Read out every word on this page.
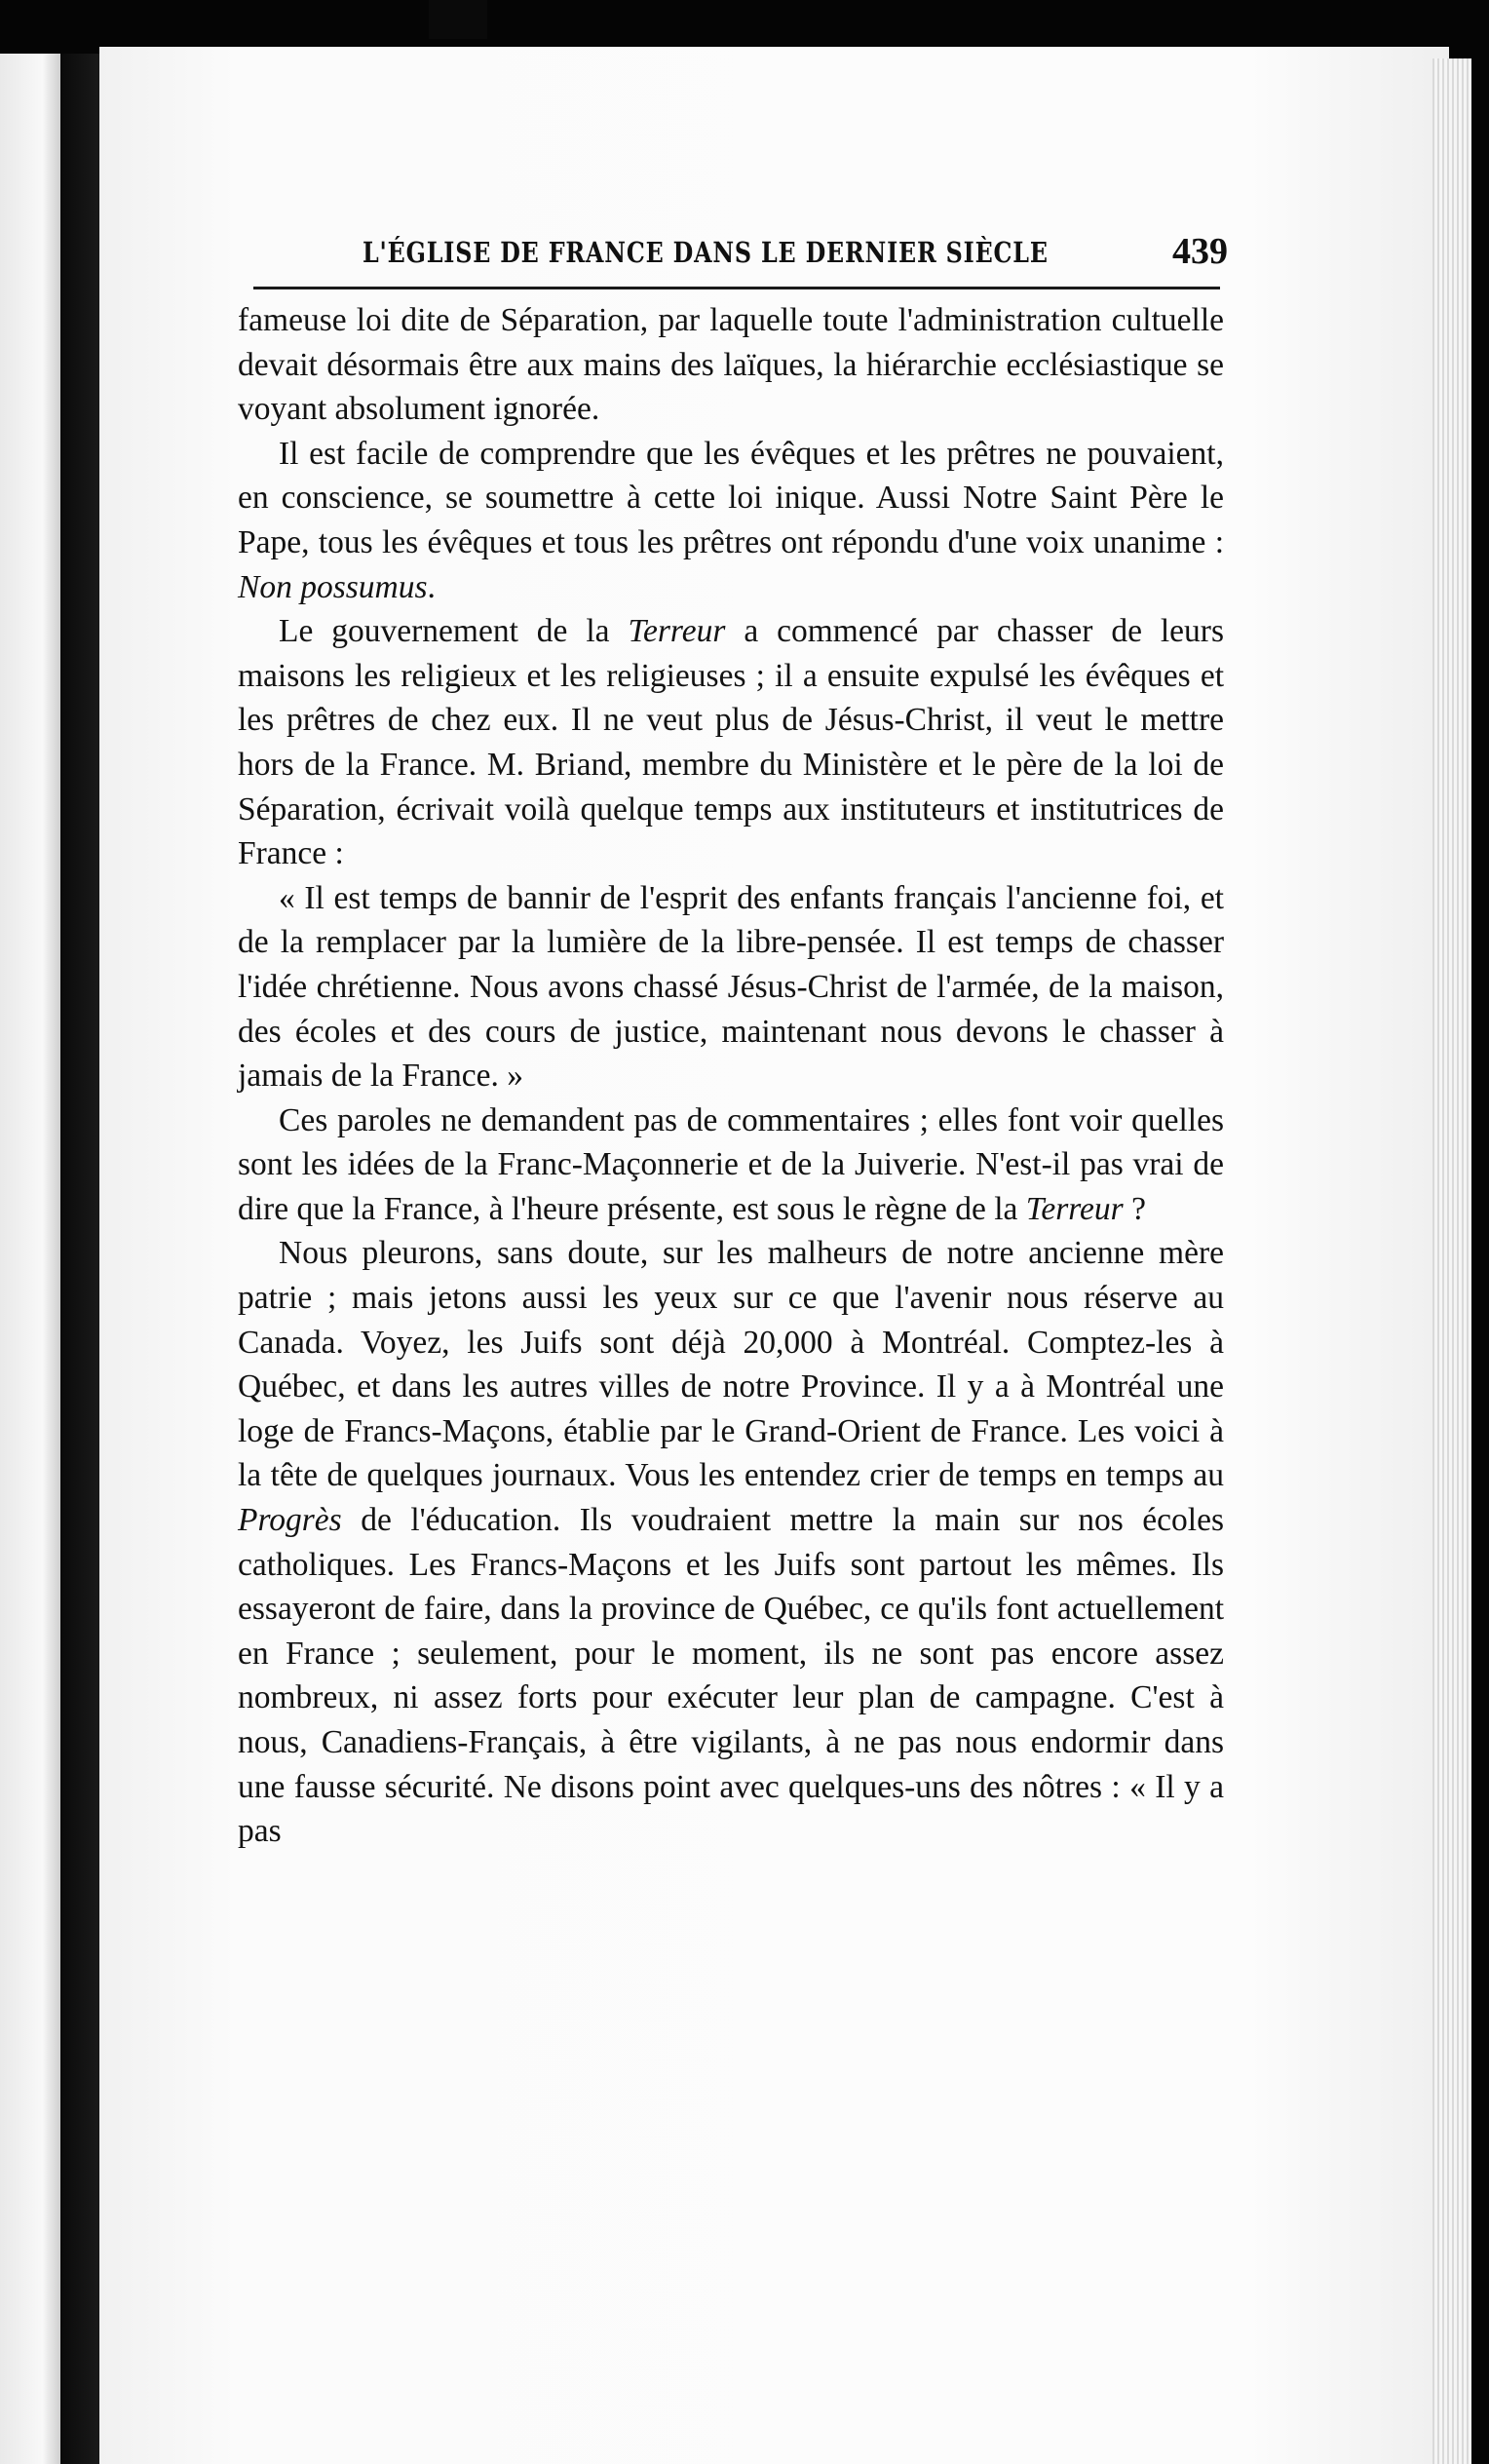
L'ÉGLISE DE FRANCE DANS LE DERNIER SIÈCLE	439

fameuse loi dite de Séparation, par laquelle toute l'administration cultuelle devait désormais être aux mains des laïques, la hiérarchie ecclésiastique se voyant absolument ignorée.

Il est facile de comprendre que les évêques et les prêtres ne pouvaient, en conscience, se soumettre à cette loi inique. Aussi Notre Saint Père le Pape, tous les évêques et tous les prêtres ont répondu d'une voix unanime : Non possumus.

Le gouvernement de la Terreur a commencé par chasser de leurs maisons les religieux et les religieuses ; il a ensuite expulsé les évêques et les prêtres de chez eux. Il ne veut plus de Jésus-Christ, il veut le mettre hors de la France. M. Briand, membre du Ministère et le père de la loi de Séparation, écrivait voilà quelque temps aux instituteurs et institutrices de France :

« Il est temps de bannir de l'esprit des enfants français l'ancienne foi, et de la remplacer par la lumière de la libre-pensée. Il est temps de chasser l'idée chrétienne. Nous avons chassé Jésus-Christ de l'armée, de la maison, des écoles et des cours de justice, maintenant nous devons le chasser à jamais de la France. »

Ces paroles ne demandent pas de commentaires ; elles font voir quelles sont les idées de la Franc-Maçonnerie et de la Juiverie. N'est-il pas vrai de dire que la France, à l'heure présente, est sous le règne de la Terreur ?

Nous pleurons, sans doute, sur les malheurs de notre ancienne mère patrie ; mais jetons aussi les yeux sur ce que l'avenir nous réserve au Canada. Voyez, les Juifs sont déjà 20,000 à Montréal. Comptez-les à Québec, et dans les autres villes de notre Province. Il y a à Montréal une loge de Francs-Maçons, établie par le Grand-Orient de France. Les voici à la tête de quelques journaux. Vous les entendez crier de temps en temps au Progrès de l'éducation. Ils voudraient mettre la main sur nos écoles catholiques. Les Francs-Maçons et les Juifs sont partout les mêmes. Ils essayeront de faire, dans la province de Québec, ce qu'ils font actuellement en France ; seulement, pour le moment, ils ne sont pas encore assez nombreux, ni assez forts pour exécuter leur plan de campagne. C'est à nous, Canadiens-Français, à être vigilants, à ne pas nous endormir dans une fausse sécurité. Ne disons point avec quelques-uns des nôtres : « Il y a pas
